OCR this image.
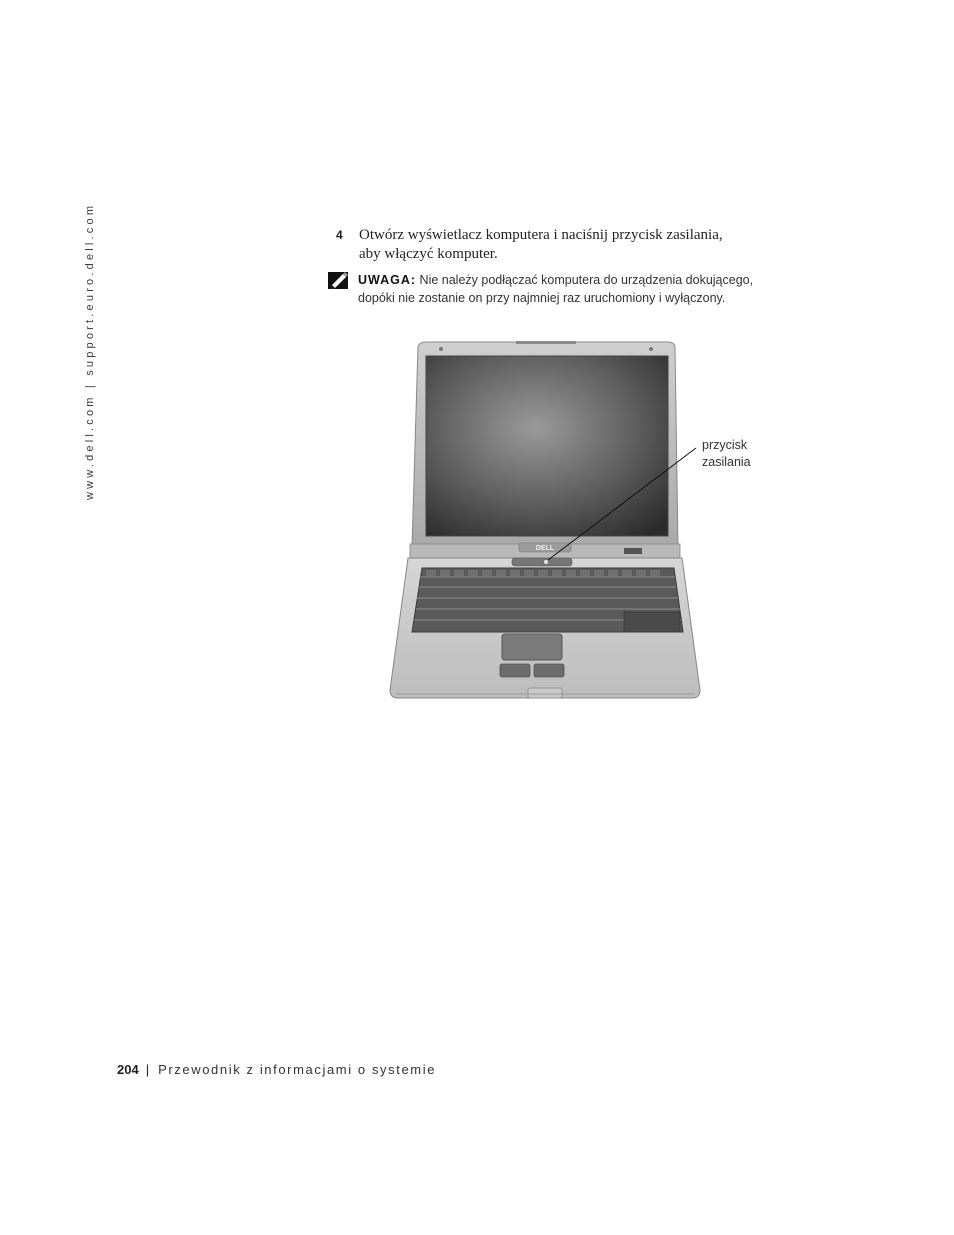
www.dell.com | support.euro.dell.com	4 Otwórz wyświetlacz komputera i naciśnij przycisk zasilania,
aby włączyć komputer.
UWAGA: Nie należy podłączać komputera do urządzenia dokującego,
dopóki nie zostanie on przy najmniej raz uruchomiony i wyłączony.
DELL
przycisk
zasilania
204 | Przewodnik z informacjami o systemie
